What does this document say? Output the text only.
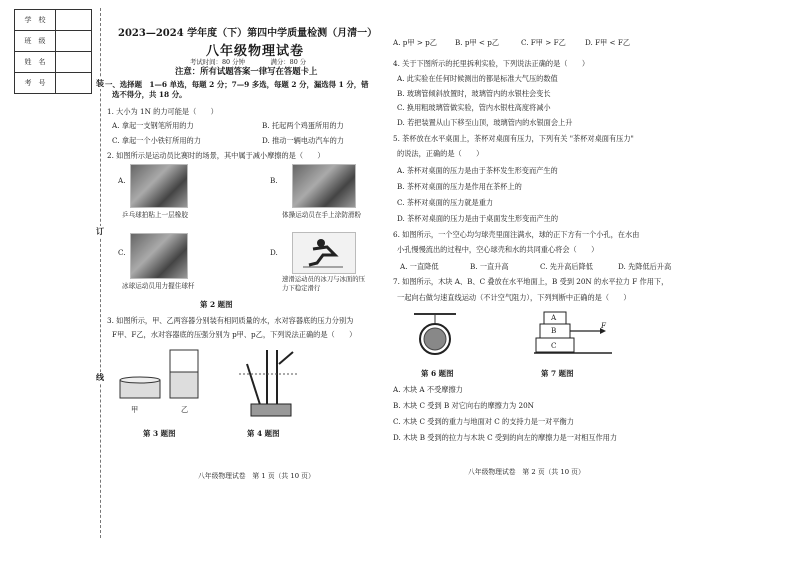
学　校	
班　级	
姓　名	
考　号		装
订
线
2023—2024 学年度（下）第四中学质量检测（月清一）
八年级物理试卷
考试时间：80 分钟　　　　满分：80 分
注意：所有试题答案一律写在答题卡上
一、选择题　1—6 单选，每题 2 分；7—9 多选，每题 2 分，漏选得 1 分，错
选不得分，共 18 分。
1. 大小为 1N 的力可能是（　　）
A. 拿起一支钢笔所用的力	B. 托起两个鸡蛋所用的力
C. 拿起一个小铁钉所用的力	D. 推动一辆电动汽车的力
2. 如图所示是运动员比赛时的场景，其中属于减小摩擦的是（　　）
A.	B.
乒乓球拍粘上一层橡胶	体操运动员在手上涂防滑粉
C.	D.
冰球运动员用力握住球杆
速滑运动员的冰刀与冰面的压力下稳定滑行
第 2 题图
3. 如图所示，甲、乙两容器分别装有相同质量的水，水对容器底的压力分别为
F甲、F乙，水对容器底的压强分别为 p甲、p乙，下列说法正确的是（　　）
甲	乙
第 3 题图	第 4 题图
八年级物理试卷　第 1 页（共 10 页）
A. p甲 > p乙	B. p甲 < p乙	C. F甲 > F乙	D. F甲 < F乙
4. 关于下图所示的托里拆利实验，下列说法正确的是（　　）
A. 此实验在任何时候测出的都是标准大气压的数值
B. 玻璃管倾斜放置时，玻璃管内的水银柱会变长
C. 换用粗玻璃管做实验，管内水银柱高度将减小
D. 若把装置从山下移至山顶，玻璃管内的水银面会上升
5. 茶杯放在水平桌面上，茶杯对桌面有压力，下列有关 "茶杯对桌面有压力"
的说法，正确的是（　　）
A. 茶杯对桌面的压力是由于茶杯发生形变而产生的
B. 茶杯对桌面的压力是作用在茶杯上的
C. 茶杯对桌面的压力就是重力
D. 茶杯对桌面的压力是由于桌面发生形变而产生的
6. 如图所示，一个空心均匀球壳里面注满水，球的正下方有一个小孔，在水由
小孔慢慢流出的过程中，空心球壳和水的共同重心将会（　　）
A. 一直降低	B. 一直升高	C. 先升高后降低	D. 先降低后升高
7. 如图所示，木块 A、B、C 叠放在水平地面上，B 受到 20N 的水平拉力 F 作用下，
一起向右做匀速直线运动（不计空气阻力），下列判断中正确的是（　　）
A
B
C
F
第 6 题图	第 7 题图
A. 木块 A 不受摩擦力
B. 木块 C 受到 B 对它向右的摩擦力为 20N
C. 木块 C 受到的重力与地面对 C 的支持力是一对平衡力
D. 木块 B 受到的拉力与木块 C 受到的向左的摩擦力是一对相互作用力
八年级物理试卷　第 2 页（共 10 页）
